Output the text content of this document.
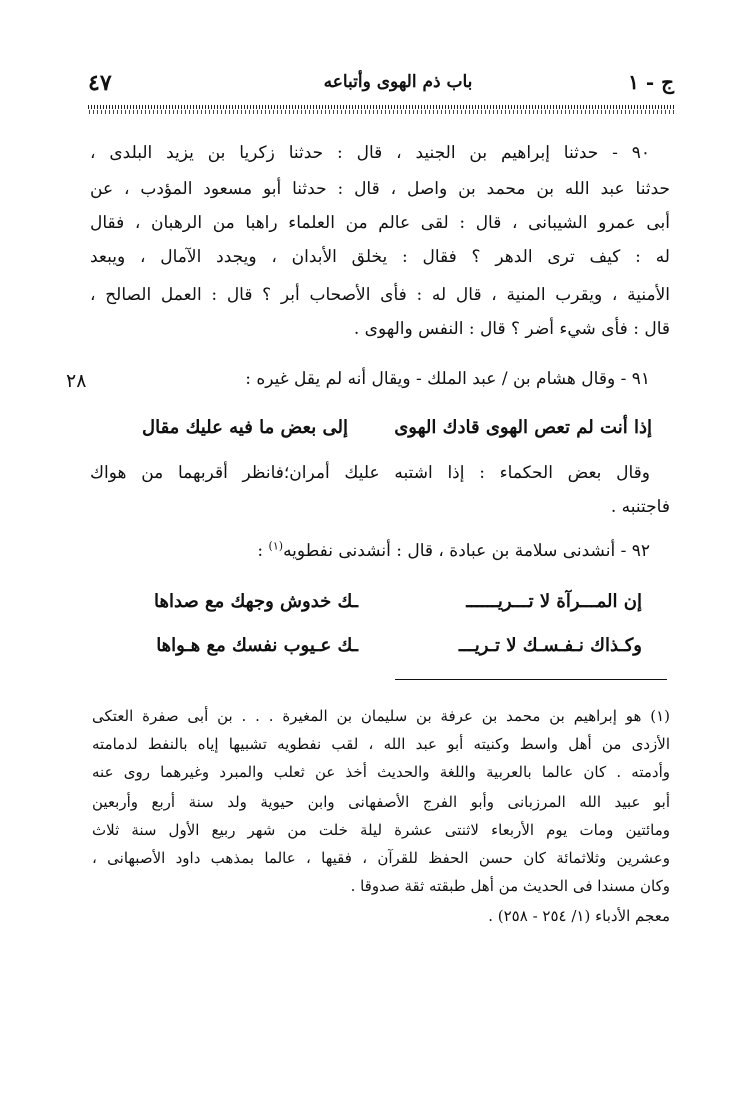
ج - ١
باب ذم الهوى وأتباعه
٤٧
٩٠ - حدثنا إبراهيم بن الجنيد ، قال : حدثنا زكريا بن يزيد البلدى ،
حدثنا عبد الله بن محمد بن واصل ، قال : حدثنا أبو مسعود المؤدب ، عن
أبى عمرو الشيبانى ، قال : لقى عالم من العلماء راهبا من الرهبان ، فقال
له : كيف ترى الدهر ؟ فقال : يخلق الأبدان ، ويجدد الآمال ، ويبعد
الأمنية ، ويقرب المنية ، قال له : فأى الأصحاب أبر ؟ قال : العمل الصالح ،
قال : فأى شيء أضر ؟ قال : النفس والهوى .
٢٨	٩١ - وقال هشام بن / عبد الملك - ويقال أنه لم يقل غيره :
إذا أنت لم تعص الهوى قادك الهوى
إلى بعض ما فيه عليك مقال
وقال بعض الحكماء : إذا اشتبه عليك أمران؛فانظر أقربهما من هواك
فاجتنبه .
٩٢ - أنشدنى سلامة بن عبادة ، قال : أنشدنى نفطويه$^{(١)}$ :
إن المـــرآة لا تـــريــــــ
ـك خدوش وجهك مع صداها
وكـذاك نـفـسـك لا تـريـــ
ـك عـيوب نفسك مع هـواها
(١) هو إبراهيم بن محمد بن عرفة بن سليمان بن المغيرة . . . بن أبى صفرة العتكى
الأزدى من أهل واسط وكنيته أبو عبد الله ، لقب نفطويه تشبيها إياه بالنفط لدمامته
وأدمته . كان عالما بالعربية واللغة والحديث أخذ عن ثعلب والمبرد وغيرهما روى عنه
أبو عبيد الله المرزبانى وأبو الفرج الأصفهانى وابن حيوية ولد سنة أربع وأربعين
ومائتين ومات يوم الأربعاء لاثنتى عشرة ليلة خلت من شهر ربيع الأول سنة ثلاث
وعشرين وثلاثمائة كان حسن الحفظ للقرآن ، فقيها ، عالما بمذهب داود الأصبهانى ،
وكان مسندا فى الحديث من أهل طبقته ثقة صدوقا .
معجم الأدباء (١/ ٢٥٤ - ٢٥٨) .
